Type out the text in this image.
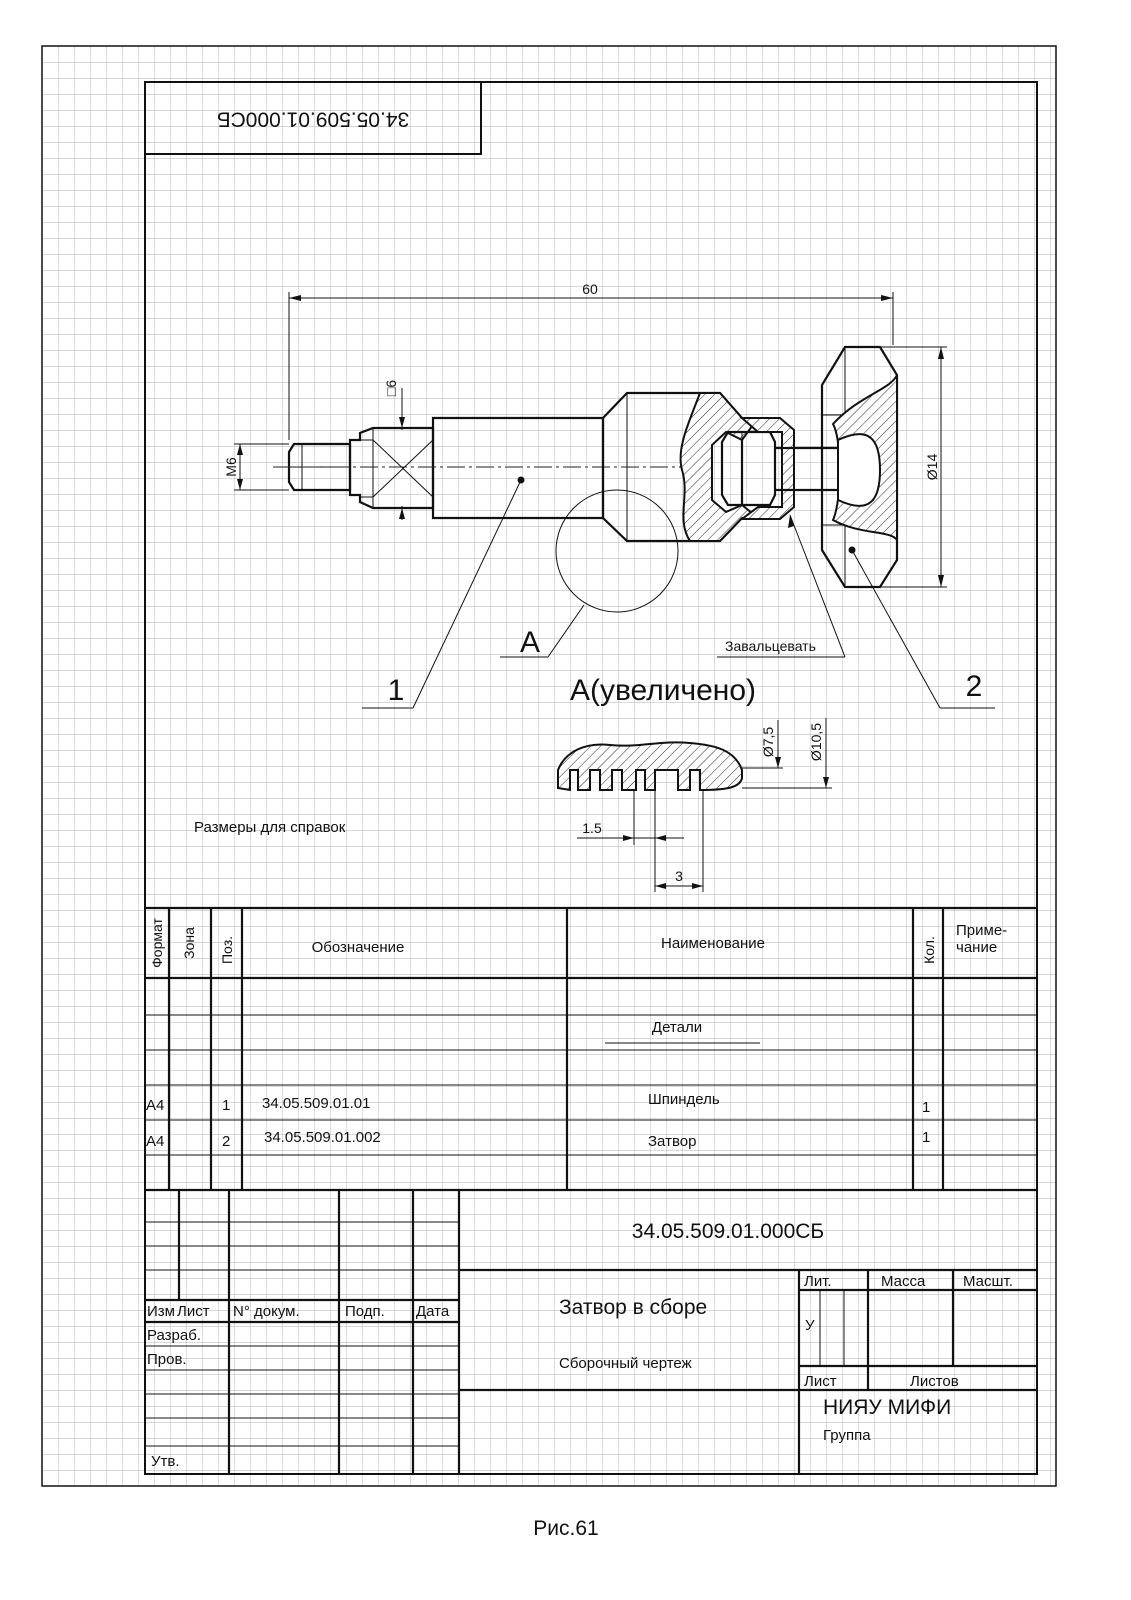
34.05.509.01.000СБ
60
M6
□6
Ø14
A	Завальцевать
1	2
A(увеличено)
Ø7,5 Ø10,5
1.5
3
Размеры для справок
Формат Зона Поз.	Обозначение	Наименование	Кол.
Приме- чание
Детали
A4	1 34.05.509.01.01	Шпиндель	1
A4	2 34.05.509.01.002	Затвор	1
34.05.509.01.000СБ
Изм Лист N° докум.	Подп. Дата
Разраб.
Пров.
Утв.
Затвор в сборе
Сборочный чертеж
Лит.	Масса	Масшт.
У
Лист	Листов
НИЯУ МИФИ
Группа
Рис.61
